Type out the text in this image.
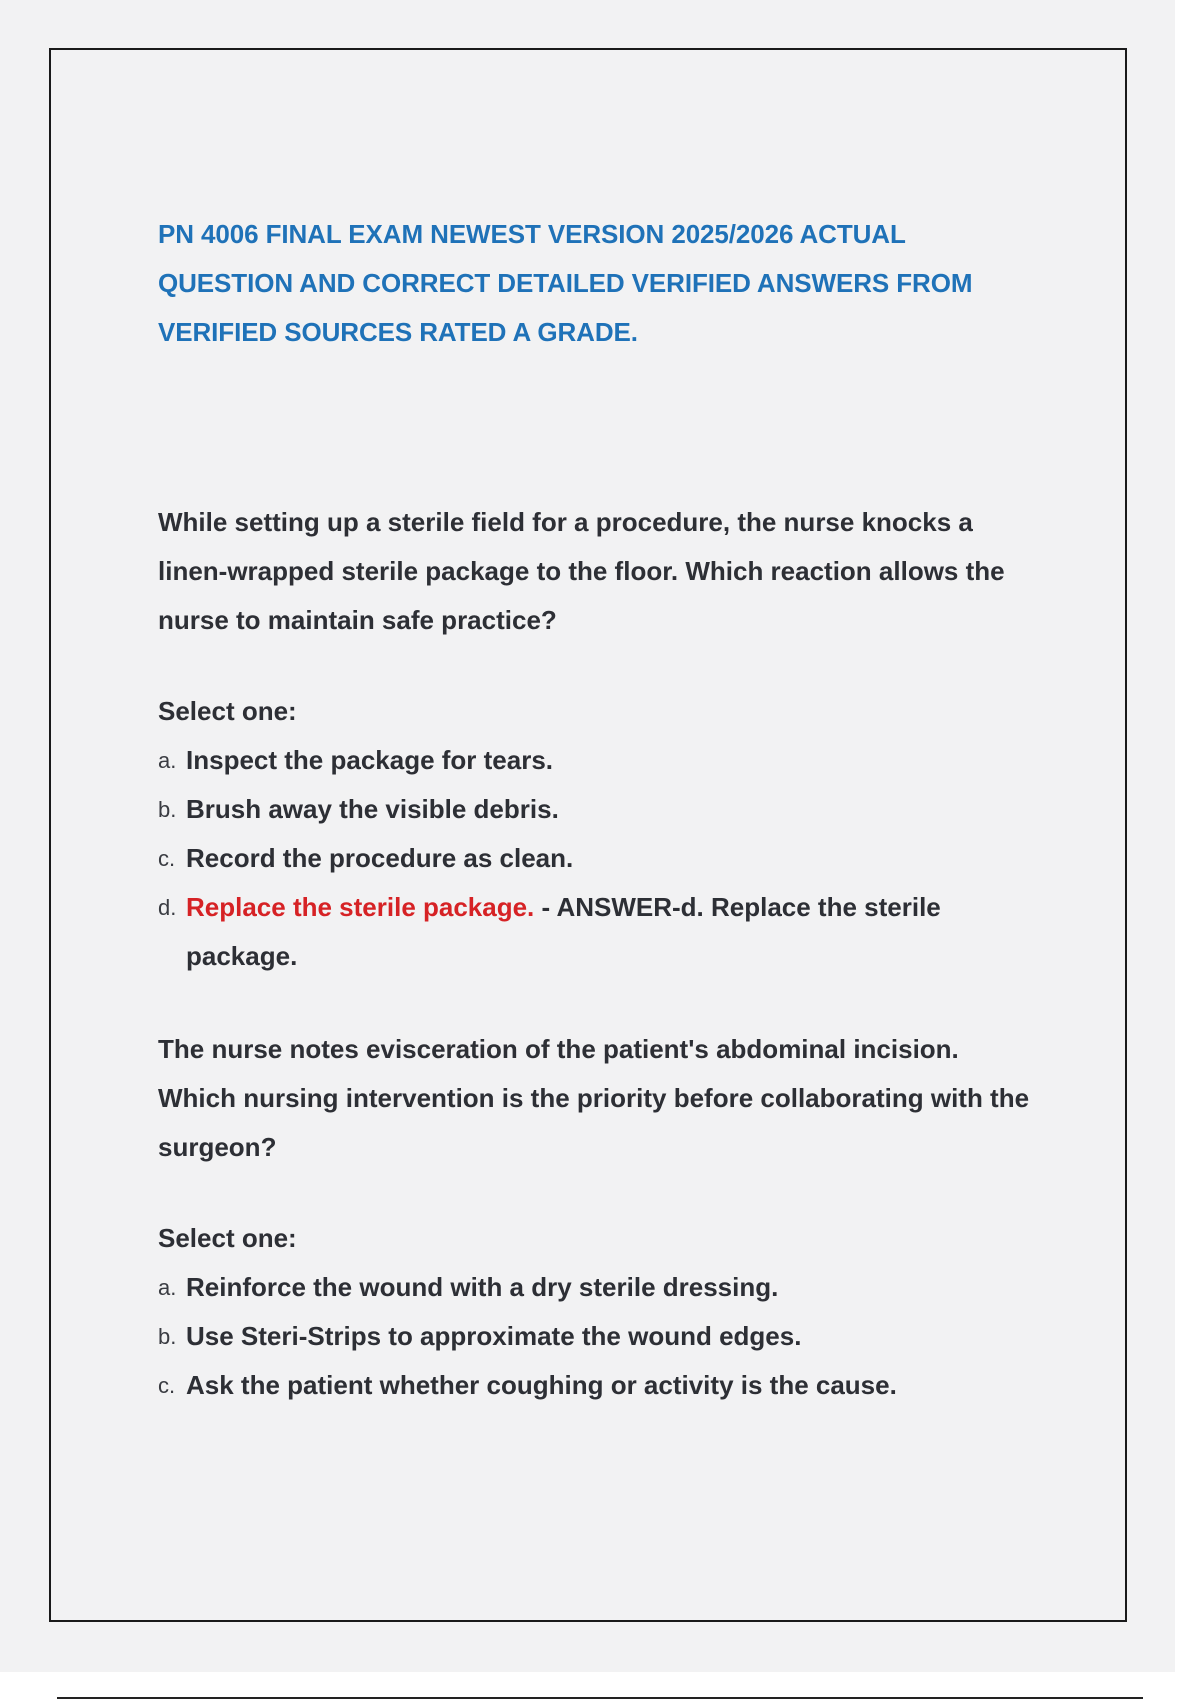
PN 4006 FINAL EXAM NEWEST VERSION 2025/2026 ACTUAL QUESTION AND CORRECT DETAILED VERIFIED ANSWERS FROM VERIFIED SOURCES RATED A GRADE.

While setting up a sterile field for a procedure, the nurse knocks a linen-wrapped sterile package to the floor. Which reaction allows the nurse to maintain safe practice?

Select one:

a. Inspect the package for tears.
b. Brush away the visible debris.
c. Record the procedure as clean.
d. Replace the sterile package. - ANSWER-d. Replace the sterile package.

The nurse notes evisceration of the patient's abdominal incision. Which nursing intervention is the priority before collaborating with the surgeon?

Select one:

a. Reinforce the wound with a dry sterile dressing.
b. Use Steri-Strips to approximate the wound edges.
c. Ask the patient whether coughing or activity is the cause.
